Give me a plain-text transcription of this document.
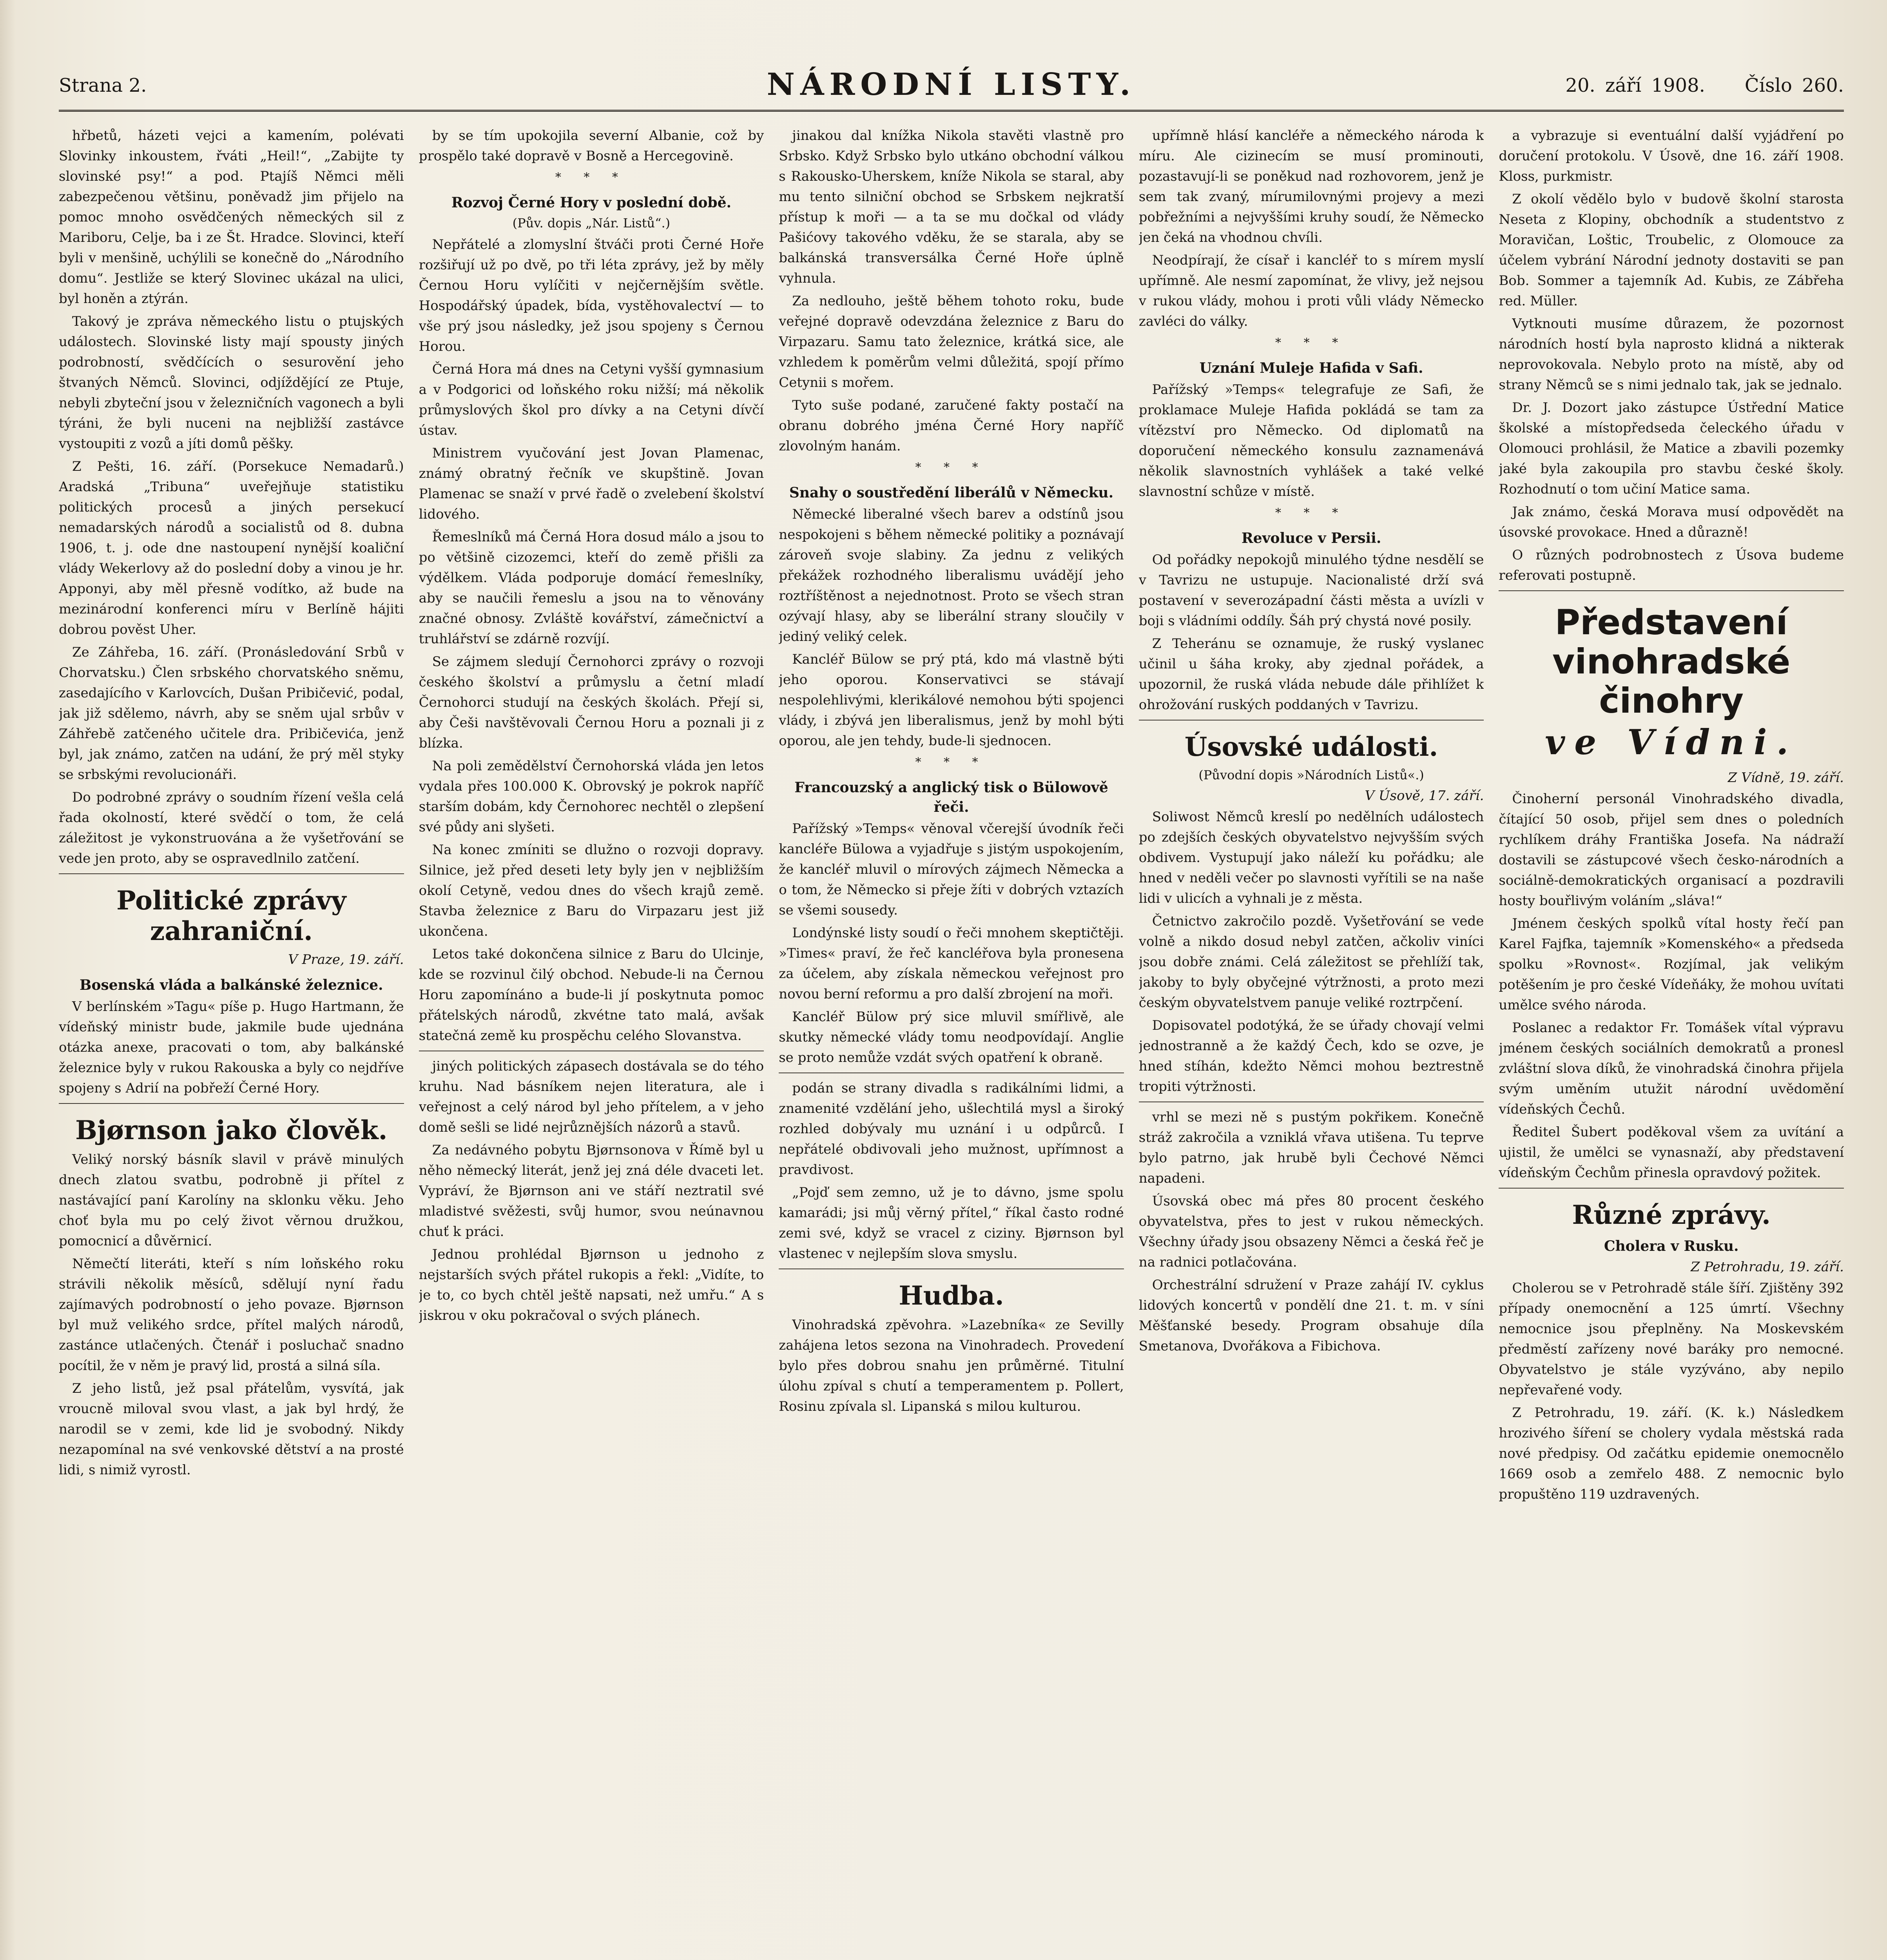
Strana 2.	NÁRODNÍ LISTY.	20. září 1908. Číslo 260.

hřbetů, házeti vejci a kamením, polévati Slovinky inkoustem, řváti „Heil!“, „Zabijte ty slovinské psy!“ a pod. Ptajíš Němci měli zabezpečenou většinu, poněvadž jim přijelo na pomoc mnoho osvědčených německých sil z Mariboru, Celje, ba i ze Št. Hradce. Slovinci, kteří byli v menšině, uchýlili se konečně do „Národního domu“. Jestliže se který Slovinec ukázal na ulici, byl honěn a ztýrán.

Takový je zpráva německého listu o ptujských událostech. Slovinské listy mají spousty jiných podrobností, svědčících o sesurovění jeho štvaných Němců. Slovinci, odjíždějící ze Ptuje, nebyli zbyteční jsou v železničních vagonech a byli týráni, že byli nuceni na nejbližší zastávce vystoupiti z vozů a jíti domů pěšky.

Z Pešti, 16. září. (Porsekuce Nemadarů.) Aradská „Tribuna“ uveřejňuje statistiku politických procesů a jiných persekucí nemadarských národů a socialistů od 8. dubna 1906, t. j. ode dne nastoupení nynější koaliční vlády Wekerlovy až do poslední doby a vinou je hr. Apponyi, aby měl přesně vodítko, až bude na mezinárodní konferenci míru v Berlíně hájiti dobrou pověst Uher.

Ze Záhřeba, 16. září. (Pronásledování Srbů v Chorvatsku.) Člen srbského chorvatského sněmu, zasedajícího v Karlovcích, Dušan Pribičević, podal, jak již sdělemo, návrh, aby se sněm ujal srbův v Záhřebě zatčeného učitele dra. Pribičevića, jenž byl, jak známo, zatčen na udání, že prý měl styky se srbskými revolucionáři.

Do podrobné zprávy o soudním řízení vešla celá řada okolností, které svědčí o tom, že celá záležitost je vykonstruována a že vyšetřování se vede jen proto, aby se ospravedlnilo zatčení.

Politické zprávy zahraniční.
V Praze, 19. září.
Bosenská vláda a balkánské železnice.

V berlínském »Tagu« píše p. Hugo Hartmann, že vídeňský ministr bude, jakmile bude ujednána otázka anexe, pracovati o tom, aby balkánské železnice byly v rukou Rakouska a byly co nejdříve spojeny s Adrií na pobřeží Černé Hory.

Bjørnson jako člověk.

Veliký norský básník slavil v právě minulých dnech zlatou svatbu, podrobně ji přítel z nastávající paní Karolíny na sklonku věku. Jeho choť byla mu po celý život věrnou družkou, pomocnicí a důvěrnicí.

Němečtí literáti, kteří s ním loňského roku strávili několik měsíců, sdělují nyní řadu zajímavých podrobností o jeho povaze. Bjørnson byl muž velikého srdce, přítel malých národů, zastánce utlačených. Čtenář i posluchač snadno pocítil, že v něm je pravý lid, prostá a silná síla.

Z jeho listů, jež psal přátelům, vysvítá, jak vroucně miloval svou vlast, a jak byl hrdý, že narodil se v zemi, kde lid je svobodný. Nikdy nezapomínal na své venkovské dětství a na prosté lidi, s nimiž vyrostl.

by se tím upokojila severní Albanie, což by prospělo také dopravě v Bosně a Hercegovině.

* * *
Rozvoj Černé Hory v poslední době.
(Pův. dopis „Nár. Listů“.)

Nepřátelé a zlomyslní štváči proti Černé Hoře rozšiřují už po dvě, po tři léta zprávy, jež by měly Černou Horu vylíčiti v nejčernějším světle. Hospodářský úpadek, bída, vystěhovalectví — to vše prý jsou následky, jež jsou spojeny s Černou Horou.

Černá Hora má dnes na Cetyni vyšší gymnasium a v Podgorici od loňského roku nižší; má několik průmyslových škol pro dívky a na Cetyni dívčí ústav.

Ministrem vyučování jest Jovan Plamenac, známý obratný řečník ve skupštině. Jovan Plamenac se snaží v prvé řadě o zvelebení školství lidového.

Řemeslníků má Černá Hora dosud málo a jsou to po většině cizozemci, kteří do země přišli za výdělkem. Vláda podporuje domácí řemeslníky, aby se naučili řemeslu a jsou na to věnovány značné obnosy. Zvláště kovářství, zámečnictví a truhlářství se zdárně rozvíjí.

Se zájmem sledují Černohorci zprávy o rozvoji českého školství a průmyslu a četní mladí Černohorci studují na českých školách. Přejí si, aby Češi navštěvovali Černou Horu a poznali ji z blízka.

Na poli zemědělství Černohorská vláda jen letos vydala přes 100.000 K. Obrovský je pokrok napříč starším dobám, kdy Černohorec nechtěl o zlepšení své půdy ani slyšeti.

Na konec zmíniti se dlužno o rozvoji dopravy. Silnice, jež před deseti lety byly jen v nejbližším okolí Cetyně, vedou dnes do všech krajů země. Stavba železnice z Baru do Virpazaru jest již ukončena.

Letos také dokončena silnice z Baru do Ulcinje, kde se rozvinul čilý obchod. Nebude-li na Černou Horu zapomínáno a bude-li jí poskytnuta pomoc přátelských národů, zkvétne tato malá, avšak statečná země ku prospěchu celého Slovanstva.

jiných politických zápasech dostávala se do tého kruhu. Nad básníkem nejen literatura, ale i veřejnost a celý národ byl jeho přítelem, a v jeho domě sešli se lidé nejrůznějších názorů a stavů.

Za nedávného pobytu Bjørnsonova v Římě byl u něho německý literát, jenž jej zná déle dvaceti let. Vypráví, že Bjørnson ani ve stáří neztratil své mladistvé svěžesti, svůj humor, svou neúnavnou chuť k práci.

Jednou prohlédal Bjørnson u jednoho z nejstarších svých přátel rukopis a řekl: „Vidíte, to je to, co bych chtěl ještě napsati, než umřu.“ A s jiskrou v oku pokračoval o svých plánech.

jinakou dal knížka Nikola stavěti vlastně pro Srbsko. Když Srbsko bylo utkáno obchodní válkou s Rakousko-Uherskem, kníže Nikola se staral, aby mu tento silniční obchod se Srbskem nejkratší přístup k moři — a ta se mu dočkal od vlády Pašićovy takového vděku, že se starala, aby se balkánská transversálka Černé Hoře úplně vyhnula.

Za nedlouho, ještě během tohoto roku, bude veřejné dopravě odevzdána železnice z Baru do Virpazaru. Samu tato železnice, krátká sice, ale vzhledem k poměrům velmi důležitá, spojí přímo Cetynii s mořem.

Tyto suše podané, zaručené fakty postačí na obranu dobrého jména Černé Hory napříč zlovolným hanám.

* * *
Snahy o soustředění liberálů v Německu.

Německé liberalné všech barev a odstínů jsou nespokojeni s během německé politiky a poznávají zároveň svoje slabiny. Za jednu z velikých překážek rozhodného liberalismu uvádějí jeho roztříštěnost a nejednotnost. Proto se všech stran ozývají hlasy, aby se liberální strany sloučily v jediný veliký celek.

Kancléř Bülow se prý ptá, kdo má vlastně býti jeho oporou. Konservativci se stávají nespolehlivými, klerikálové nemohou býti spojenci vlády, i zbývá jen liberalismus, jenž by mohl býti oporou, ale jen tehdy, bude-li sjednocen.

* * *
Francouzský a anglický tisk o Bülowově řeči.

Pařížský »Temps« věnoval včerejší úvodník řeči kancléře Bülowa a vyjadřuje s jistým uspokojením, že kancléř mluvil o mírových zájmech Německa a o tom, že Německo si přeje žíti v dobrých vztazích se všemi sousedy.

Londýnské listy soudí o řeči mnohem skeptičtěji. »Times« praví, že řeč kancléřova byla pronesena za účelem, aby získala německou veřejnost pro novou berní reformu a pro další zbrojení na moři.

Kancléř Bülow prý sice mluvil smířlivě, ale skutky německé vlády tomu neodpovídají. Anglie se proto nemůže vzdát svých opatření k obraně.

podán se strany divadla s radikálními lidmi, a znamenité vzdělání jeho, ušlechtilá mysl a široký rozhled dobývaly mu uznání i u odpůrců. I nepřátelé obdivovali jeho mužnost, upřímnost a pravdivost.

„Pojď sem zemno, už je to dávno, jsme spolu kamarádi; jsi můj věrný přítel,“ říkal často rodné zemi své, když se vracel z ciziny. Bjørnson byl vlastenec v nejlepším slova smyslu.

Hudba.

Vinohradská zpěvohra. »Lazebníka« ze Sevilly zahájena letos sezona na Vinohradech. Provedení bylo přes dobrou snahu jen průměrné. Titulní úlohu zpíval s chutí a temperamentem p. Pollert, Rosinu zpívala sl. Lipanská s milou kulturou.

upřímně hlásí kancléře a německého národa k míru. Ale cizinecím se musí prominouti, pozastavují-li se poněkud nad rozhovorem, jenž je sem tak zvaný, mírumilovnými projevy a mezi pobřežními a nejvyššími kruhy soudí, že Německo jen čeká na vhodnou chvíli.

Neodpírají, že císař i kancléř to s mírem myslí upřímně. Ale nesmí zapomínat, že vlivy, jež nejsou v rukou vlády, mohou i proti vůli vlády Německo zavléci do války.

* * *
Uznání Muleje Hafida v Safi.

Pařížský »Temps« telegrafuje ze Safi, že proklamace Muleje Hafida pokládá se tam za vítězství pro Německo. Od diplomatů na doporučení německého konsulu zaznamenává několik slavnostních vyhlášek a také velké slavnostní schůze v místě.

* * *
Revoluce v Persii.

Od pořádky nepokojů minulého týdne nesdělí se v Tavrizu ne ustupuje. Nacionalisté drží svá postavení v severozápadní části města a uvízli v boji s vládními oddíly. Šáh prý chystá nové posily.

Z Teheránu se oznamuje, že ruský vyslanec učinil u šáha kroky, aby zjednal pořádek, a upozornil, že ruská vláda nebude dále přihlížet k ohrožování ruských poddaných v Tavrizu.

Úsovské události.
(Původní dopis »Národních Listů«.)
V Úsově, 17. září.

Soliwost Němců kreslí po nedělních událostech po zdejších českých obyvatelstvo nejvyšším svých obdivem. Vystupují jako náleží ku pořádku; ale hned v neděli večer po slavnosti vyřítili se na naše lidi v ulicích a vyhnali je z města.

Četnictvo zakročilo pozdě. Vyšetřování se vede volně a nikdo dosud nebyl zatčen, ačkoliv viníci jsou dobře známi. Celá záležitost se přehlíží tak, jakoby to byly obyčejné výtržnosti, a proto mezi českým obyvatelstvem panuje veliké roztrpčení.

Dopisovatel podotýká, že se úřady chovají velmi jednostranně a že každý Čech, kdo se ozve, je hned stíhán, kdežto Němci mohou beztrestně tropiti výtržnosti.

vrhl se mezi ně s pustým pokřikem. Konečně stráž zakročila a vzniklá vřava utišena. Tu teprve bylo patrno, jak hrubě byli Čechové Němci napadeni.

Úsovská obec má přes 80 procent českého obyvatelstva, přes to jest v rukou německých. Všechny úřady jsou obsazeny Němci a česká řeč je na radnici potlačována.

Orchestrální sdružení v Praze zahájí IV. cyklus lidových koncertů v pondělí dne 21. t. m. v síni Měšťanské besedy. Program obsahuje díla Smetanova, Dvořákova a Fibichova.

a vybrazuje si eventuální další vyjádření po doručení protokolu. V Úsově, dne 16. září 1908. Kloss, purkmistr.

Z okolí vědělo bylo v budově školní starosta Neseta z Klopiny, obchodník a studentstvo z Moravičan, Loštic, Troubelic, z Olomouce za účelem vybrání Národní jednoty dostaviti se pan Bob. Sommer a tajemník Ad. Kubis, ze Zábřeha red. Müller.

Vytknouti musíme důrazem, že pozornost národních hostí byla naprosto klidná a nikterak neprovokovala. Nebylo proto na místě, aby od strany Němců se s nimi jednalo tak, jak se jednalo.

Dr. J. Dozort jako zástupce Ústřední Matice školské a místopředseda čeleckého úřadu v Olomouci prohlásil, že Matice a zbavili pozemky jaké byla zakoupila pro stavbu české školy. Rozhodnutí o tom učiní Matice sama.

Jak známo, česká Morava musí odpovědět na úsovské provokace. Hned a důrazně!

O různých podrobnostech z Úsova budeme referovati postupně.

Představení vinohradské činohry
ve Vídni.
Z Vídně, 19. září.

Činoherní personál Vinohradského divadla, čítající 50 osob, přijel sem dnes o poledních rychlíkem dráhy Františka Josefa. Na nádraží dostavili se zástupcové všech česko-národních a sociálně-demokratických organisací a pozdravili hosty bouřlivým voláním „slávа!“

Jménem českých spolků vítal hosty řečí pan Karel Fajfka, tajemník »Komenského« a předseda spolku »Rovnost«. Rozjímal, jak velikým potěšením je pro české Vídeňáky, že mohou uvítati umělce svého národa.

Poslanec a redaktor Fr. Tomášek vítal výpravu jménem českých sociálních demokratů a pronesl zvláštní slova díků, že vinohradská činohra přijela svým uměním utužit národní uvědomění vídeňských Čechů.

Ředitel Šubert poděkoval všem za uvítání a ujistil, že umělci se vynasnaží, aby představení vídeňským Čechům přinesla opravdový požitek.

Různé zprávy.
Cholera v Rusku.
Z Petrohradu, 19. září.

Cholerou se v Petrohradě stále šíří. Zjištěny 392 případy onemocnění a 125 úmrtí. Všechny nemocnice jsou přeplněny. Na Moskevském předměstí zařízeny nové baráky pro nemocné. Obyvatelstvo je stále vyzýváno, aby nepilo nepřevařené vody.

Z Petrohradu, 19. září. (K. k.) Následkem hrozivého šíření se cholery vydala městská rada nové předpisy. Od začátku epidemie onemocnělo 1669 osob a zemřelo 488. Z nemocnic bylo propuštěno 119 uzdravených.
